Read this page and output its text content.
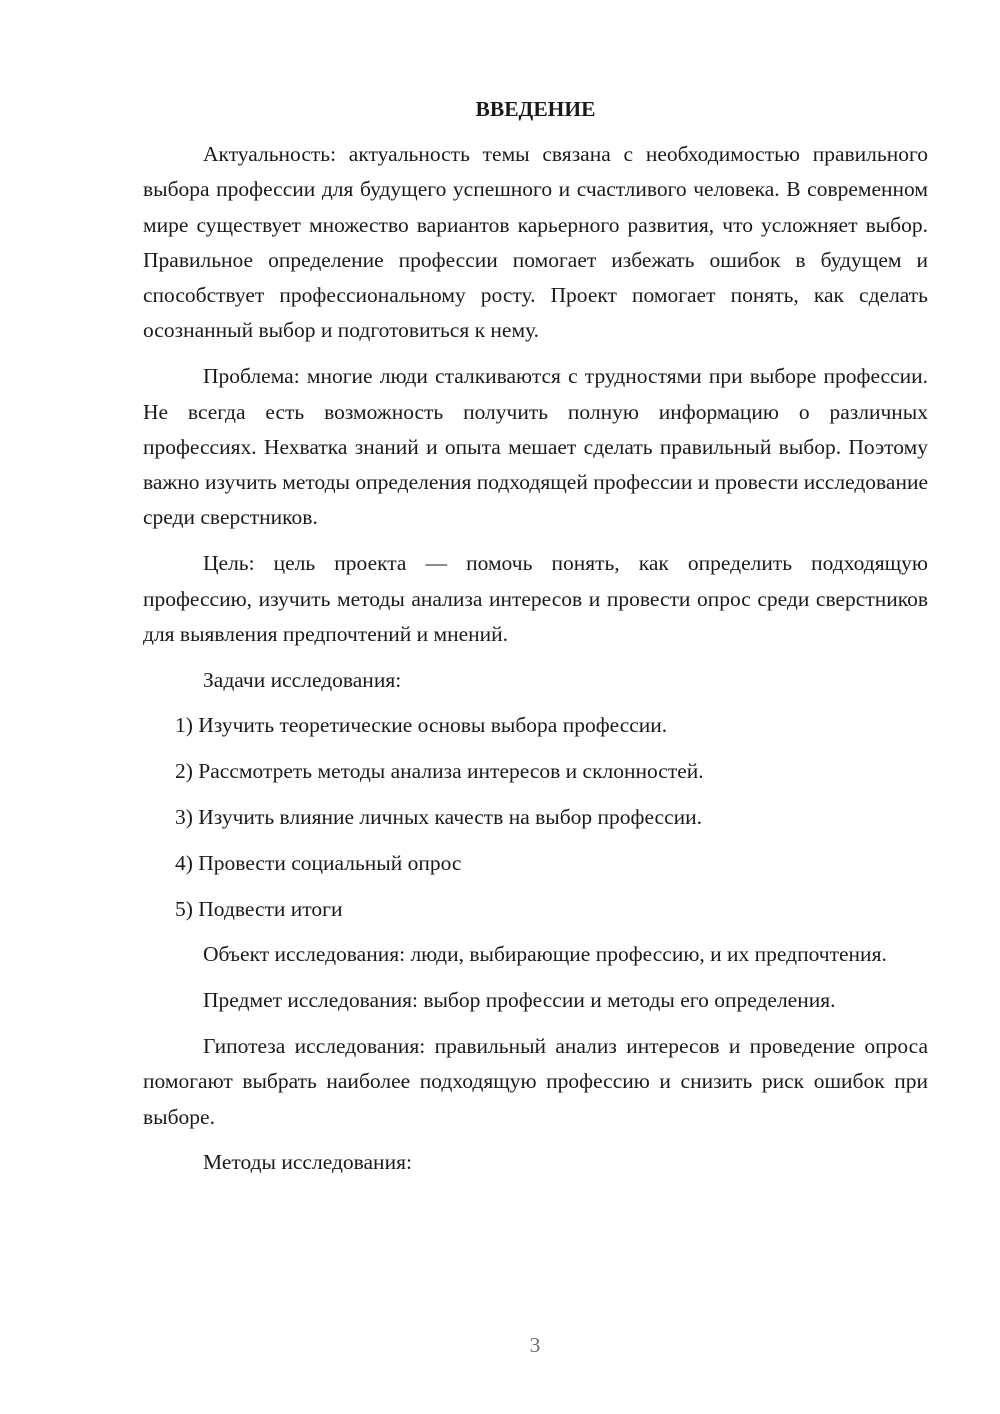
ВВЕДЕНИЕ

Актуальность: актуальность темы связана с необходимостью правильного выбора профессии для будущего успешного и счастливого человека. В современном мире существует множество вариантов карьерного развития, что усложняет выбор. Правильное определение профессии помогает избежать ошибок в будущем и способствует профессиональному росту. Проект помогает понять, как сделать осознанный выбор и подготовиться к нему.

Проблема: многие люди сталкиваются с трудностями при выборе профессии. Не всегда есть возможность получить полную информацию о различных профессиях. Нехватка знаний и опыта мешает сделать правильный выбор. Поэтому важно изучить методы определения подходящей профессии и провести исследование среди сверстников.

Цель: цель проекта — помочь понять, как определить подходящую профессию, изучить методы анализа интересов и провести опрос среди сверстников для выявления предпочтений и мнений.

Задачи исследования:

1) Изучить теоретические основы выбора профессии.
2) Рассмотреть методы анализа интересов и склонностей.
3) Изучить влияние личных качеств на выбор профессии.
4) Провести социальный опрос
5) Подвести итоги

Объект исследования: люди, выбирающие профессию, и их предпочтения.

Предмет исследования: выбор профессии и методы его определения.

Гипотеза исследования: правильный анализ интересов и проведение опроса помогают выбрать наиболее подходящую профессию и снизить риск ошибок при выборе.

Методы исследования:

3
